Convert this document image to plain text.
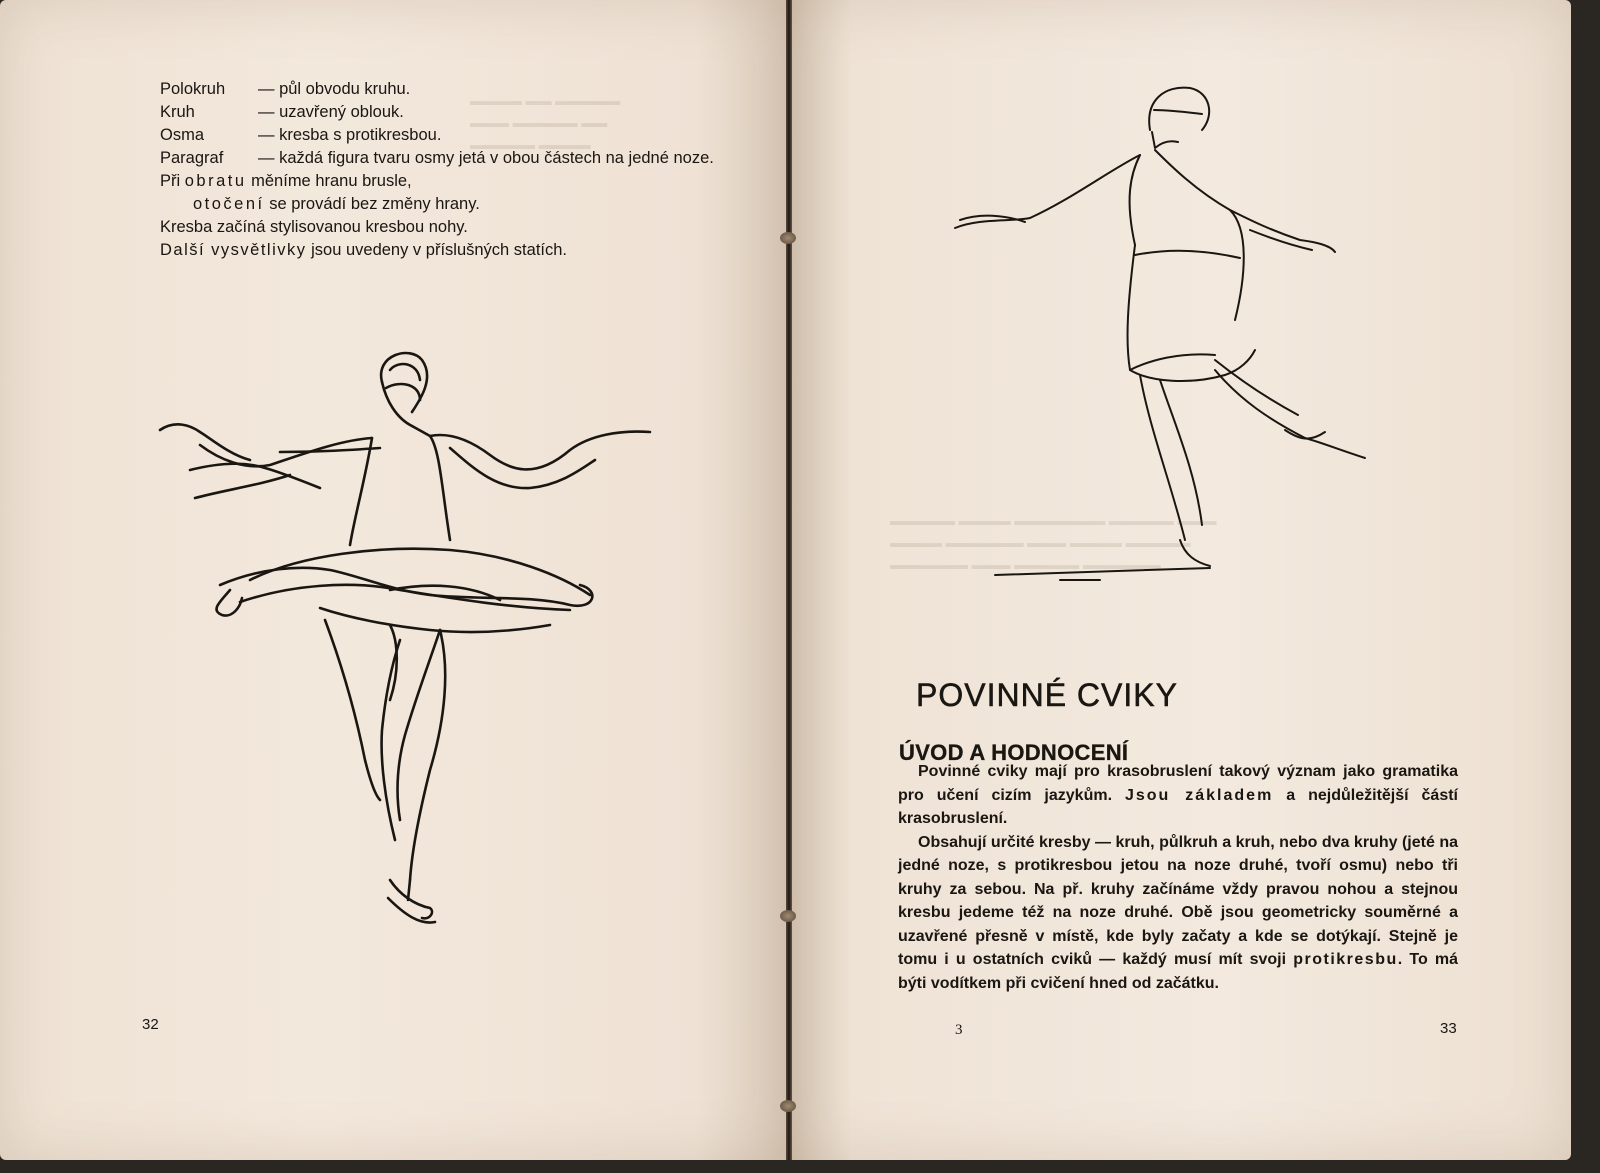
▬▬▬▬ ▬▬ ▬▬▬▬▬
▬▬▬ ▬▬▬▬▬ ▬▬
▬▬▬▬▬ ▬▬▬▬
Polokruh	— půl obvodu kruhu.
Kruh	— uzavřený oblouk.
Osma	— kresba s protikresbou.
Paragraf	— každá figura tvaru osmy jetá v obou částech na jedné noze.

Při obratu měníme hranu brusle,

otočení se provádí bez změny hrany.

Kresba začíná stylisovanou kresbou nohy.

Další vysvětlivky jsou uvedeny v příslušných statích.

32
▬▬▬▬▬ ▬▬▬▬ ▬▬▬▬▬▬▬ ▬▬▬▬▬ ▬▬▬
▬▬▬▬ ▬▬▬▬▬▬ ▬▬▬ ▬▬▬▬ ▬▬▬▬▬
▬▬▬▬▬▬ ▬▬▬ ▬▬▬▬▬ ▬▬▬▬▬▬
POVINNÉ CVIKY
ÚVOD A HODNOCENÍ

Povinné cviky mají pro krasobruslení takový význam jako gramatika pro učení cizím jazykům. Jsou základem a nejdůležitější částí krasobruslení.

Obsahují určité kresby — kruh, půlkruh a kruh, nebo dva kruhy (jeté na jedné noze, s protikresbou jetou na noze druhé, tvoří osmu) nebo tři kruhy za sebou. Na př. kruhy začínáme vždy pravou nohou a stejnou kresbu jedeme též na noze druhé. Obě jsou geometricky souměrné a uzavřené přesně v místě, kde byly začaty a kde se dotýkají. Stejně je tomu i u ostatních cviků — každý musí mít svoji protikresbu. To má býti vodítkem při cvičení hned od začátku.

3	33
